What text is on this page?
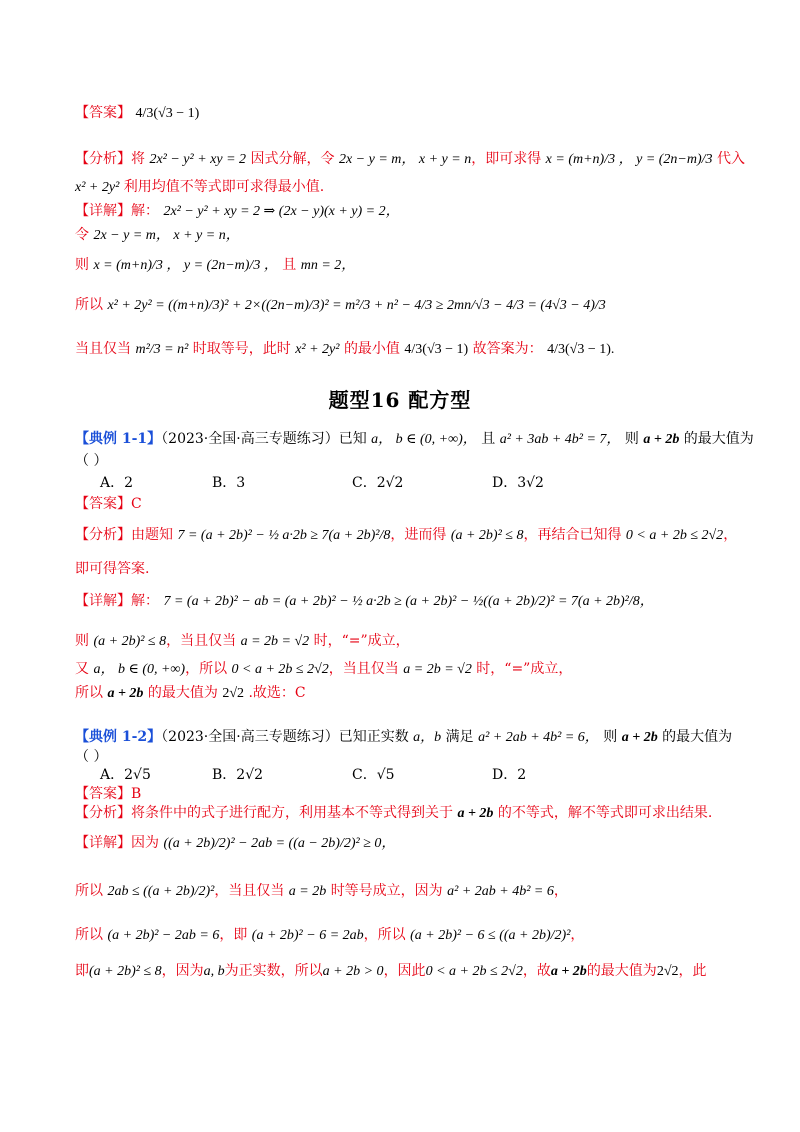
【答案】 4/3(√3 − 1)
【分析】将 2x² − y² + xy = 2 因式分解，令 2x − y = m， x + y = n，即可求得 x = (m+n)/3 ， y = (2n−m)/3 代入
x² + 2y² 利用均值不等式即可求得最小值.
【详解】解： 2x² − y² + xy = 2 ⇒ (2x − y)(x + y) = 2，
令 2x − y = m， x + y = n，
则 x = (m+n)/3 ， y = (2n−m)/3 ， 且 mn = 2，
所以 x² + 2y² = ((m+n)/3)² + 2×((2n−m)/3)² = m²/3 + n² − 4/3 ≥ 2mn/√3 − 4/3 = (4√3 − 4)/3
当且仅当 m²/3 = n² 时取等号，此时 x² + 2y² 的最小值 4/3(√3 − 1) 故答案为： 4/3(√3 − 1).
题型16 配方型
【典例 1-1】（2023·全国·高三专题练习）已知 a， b ∈ (0, +∞)， 且 a² + 3ab + 4b² = 7， 则 a + 2b 的最大值为
（ ）
A．2	B．3	C．2√2	D．3√2
【答案】C
【分析】由题知 7 = (a + 2b)² − ½ a·2b ≥ 7(a + 2b)²/8，进而得 (a + 2b)² ≤ 8，再结合已知得 0 < a + 2b ≤ 2√2，
即可得答案.
【详解】解： 7 = (a + 2b)² − ab = (a + 2b)² − ½ a·2b ≥ (a + 2b)² − ½((a + 2b)/2)² = 7(a + 2b)²/8，
则 (a + 2b)² ≤ 8，当且仅当 a = 2b = √2 时，“=”成立，
又 a， b ∈ (0, +∞)，所以 0 < a + 2b ≤ 2√2，当且仅当 a = 2b = √2 时，“=”成立，
所以 a + 2b 的最大值为 2√2 .故选：C
【典例 1-2】（2023·全国·高三专题练习）已知正实数 a，b 满足 a² + 2ab + 4b² = 6， 则 a + 2b 的最大值为
（ ）
A．2√5	B．2√2	C．√5	D．2
【答案】B
【分析】将条件中的式子进行配方，利用基本不等式得到关于 a + 2b 的不等式，解不等式即可求出结果.
【详解】因为 ((a + 2b)/2)² − 2ab = ((a − 2b)/2)² ≥ 0，
所以 2ab ≤ ((a + 2b)/2)²，当且仅当 a = 2b 时等号成立，因为 a² + 2ab + 4b² = 6，
所以 (a + 2b)² − 2ab = 6，即 (a + 2b)² − 6 = 2ab，所以 (a + 2b)² − 6 ≤ ((a + 2b)/2)²，
即(a + 2b)² ≤ 8，因为a, b为正实数，所以a + 2b > 0，因此0 < a + 2b ≤ 2√2，故a + 2b的最大值为2√2，此
